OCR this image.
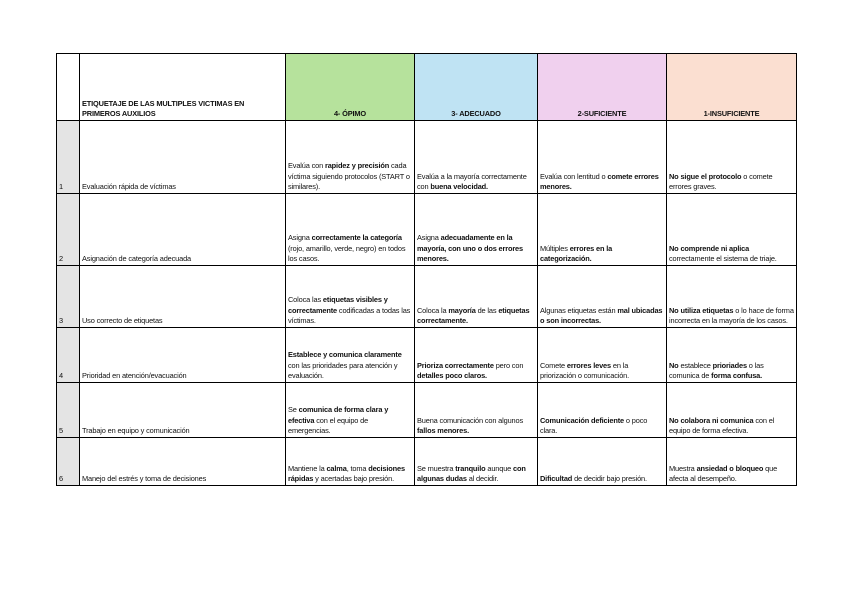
	ETIQUETAJE DE LAS MULTIPLES VICTIMAS EN PRIMEROS AUXILIOS	4- ÓPIMO	3- ADECUADO	2-SUFICIENTE	1-INSUFICIENTE
1	Evaluación rápida de víctimas	Evalúa con rapidez y precisión cada víctima siguiendo protocolos (START o similares).	Evalúa a la mayoría correctamente con buena velocidad.	Evalúa con lentitud o comete errores menores.	No sigue el protocolo o comete errores graves.
2	Asignación de categoría adecuada	Asigna correctamente la categoría (rojo, amarillo, verde, negro) en todos los casos.	Asigna adecuadamente en la mayoría, con uno o dos errores menores.	Múltiples errores en la categorización.	No comprende ni aplica correctamente el sistema de triaje.
3	Uso correcto de etiquetas	Coloca las etiquetas visibles y correctamente codificadas a todas las víctimas.	Coloca la mayoría de las etiquetas correctamente.	Algunas etiquetas están mal ubicadas o son incorrectas.	No utiliza etiquetas o lo hace de forma incorrecta en la mayoría de los casos.
4	Prioridad en atención/evacuación	Establece y comunica claramente con las prioridades para atención y evaluación.	Prioriza correctamente pero con detalles poco claros.	Comete errores leves en la priorización o comunicación.	No establece prioriades o las comunica de forma confusa.
5	Trabajo en equipo y comunicación	Se comunica de forma clara y efectiva con el equipo de emergencias.	Buena comunicación con algunos fallos menores.	Comunicación deficiente o poco clara.	No colabora ni comunica con el equipo de forma efectiva.
6	Manejo del estrés y toma de decisiones	Mantiene la calma, toma decisiones rápidas y acertadas bajo presión.	Se muestra tranquilo aunque con algunas dudas al decidir.	Dificultad de decidir bajo presión.	Muestra ansiedad o bloqueo que afecta al desempeño.
